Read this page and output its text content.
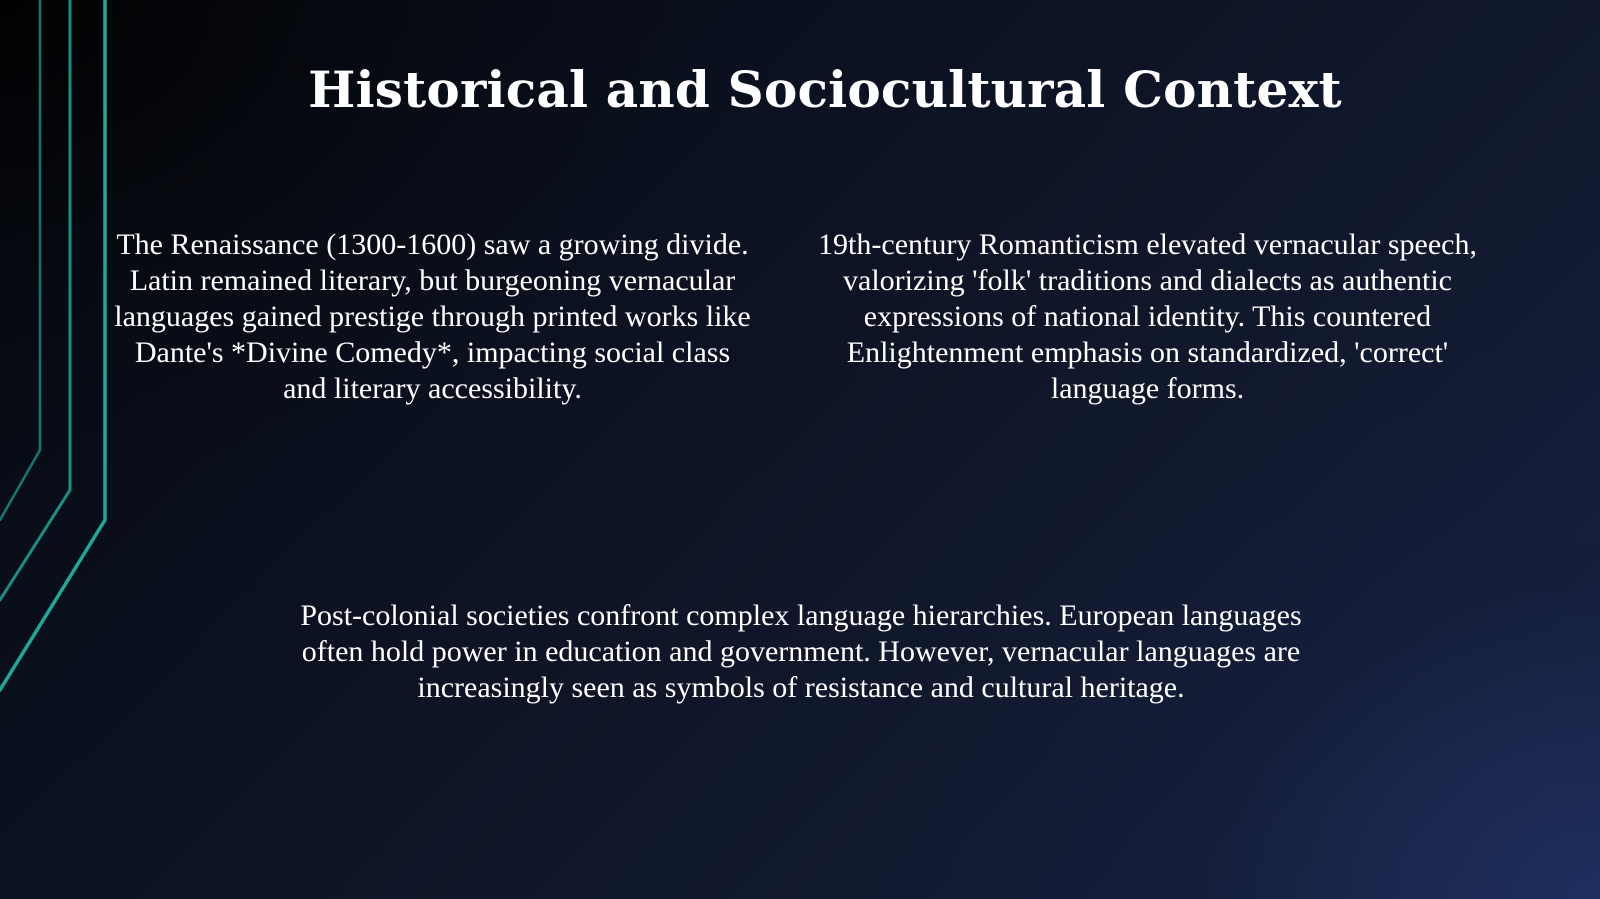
Historical and Sociocultural Context

The Renaissance (1300-1600) saw a growing divide. Latin remained literary, but burgeoning vernacular languages gained prestige through printed works like Dante's *Divine Comedy*, impacting social class and literary accessibility.

19th-century Romanticism elevated vernacular speech, valorizing 'folk' traditions and dialects as authentic expressions of national identity. This countered Enlightenment emphasis on standardized, 'correct' language forms.

Post-colonial societies confront complex language hierarchies. European languages often hold power in education and government. However, vernacular languages are increasingly seen as symbols of resistance and cultural heritage.
